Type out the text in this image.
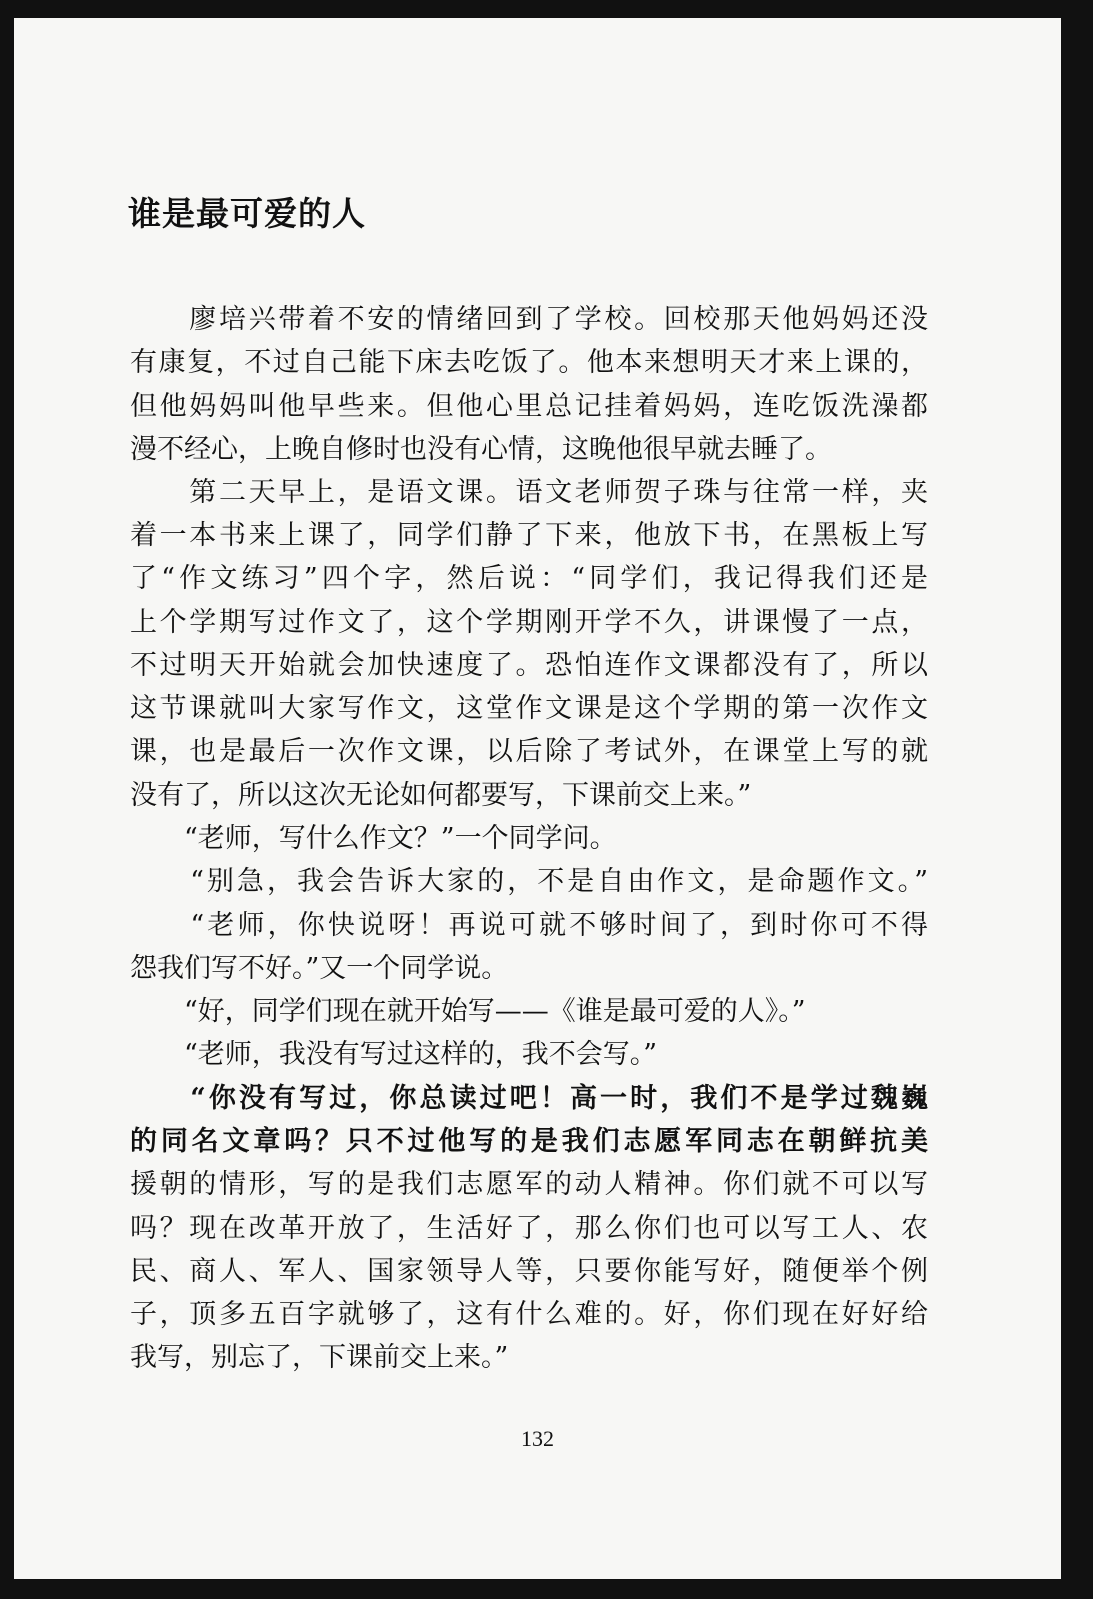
谁是最可爱的人
　　廖培兴带着不安的情绪回到了学校。回校那天他妈妈还没
有康复，不过自己能下床去吃饭了。他本来想明天才来上课的，
但他妈妈叫他早些来。但他心里总记挂着妈妈，连吃饭洗澡都
漫不经心，上晚自修时也没有心情，这晚他很早就去睡了。
　　第二天早上，是语文课。语文老师贺子珠与往常一样，夹
着一本书来上课了，同学们静了下来，他放下书，在黑板上写
了“作文练习”四个字，然后说：“同学们，我记得我们还是
上个学期写过作文了，这个学期刚开学不久，讲课慢了一点，
不过明天开始就会加快速度了。恐怕连作文课都没有了，所以
这节课就叫大家写作文，这堂作文课是这个学期的第一次作文
课，也是最后一次作文课，以后除了考试外，在课堂上写的就
没有了，所以这次无论如何都要写，下课前交上来。”
　　“老师，写什么作文？”一个同学问。
　　“别急，我会告诉大家的，不是自由作文，是命题作文。”
　　“老师，你快说呀！再说可就不够时间了，到时你可不得
怨我们写不好。”又一个同学说。
　　“好，同学们现在就开始写——《谁是最可爱的人》。”
　　“老师，我没有写过这样的，我不会写。”
　　“你没有写过，你总读过吧！高一时，我们不是学过魏巍
的同名文章吗？只不过他写的是我们志愿军同志在朝鲜抗美
援朝的情形，写的是我们志愿军的动人精神。你们就不可以写
吗？现在改革开放了，生活好了，那么你们也可以写工人、农
民、商人、军人、国家领导人等，只要你能写好，随便举个例
子，顶多五百字就够了，这有什么难的。好，你们现在好好给
我写，别忘了，下课前交上来。”
132
